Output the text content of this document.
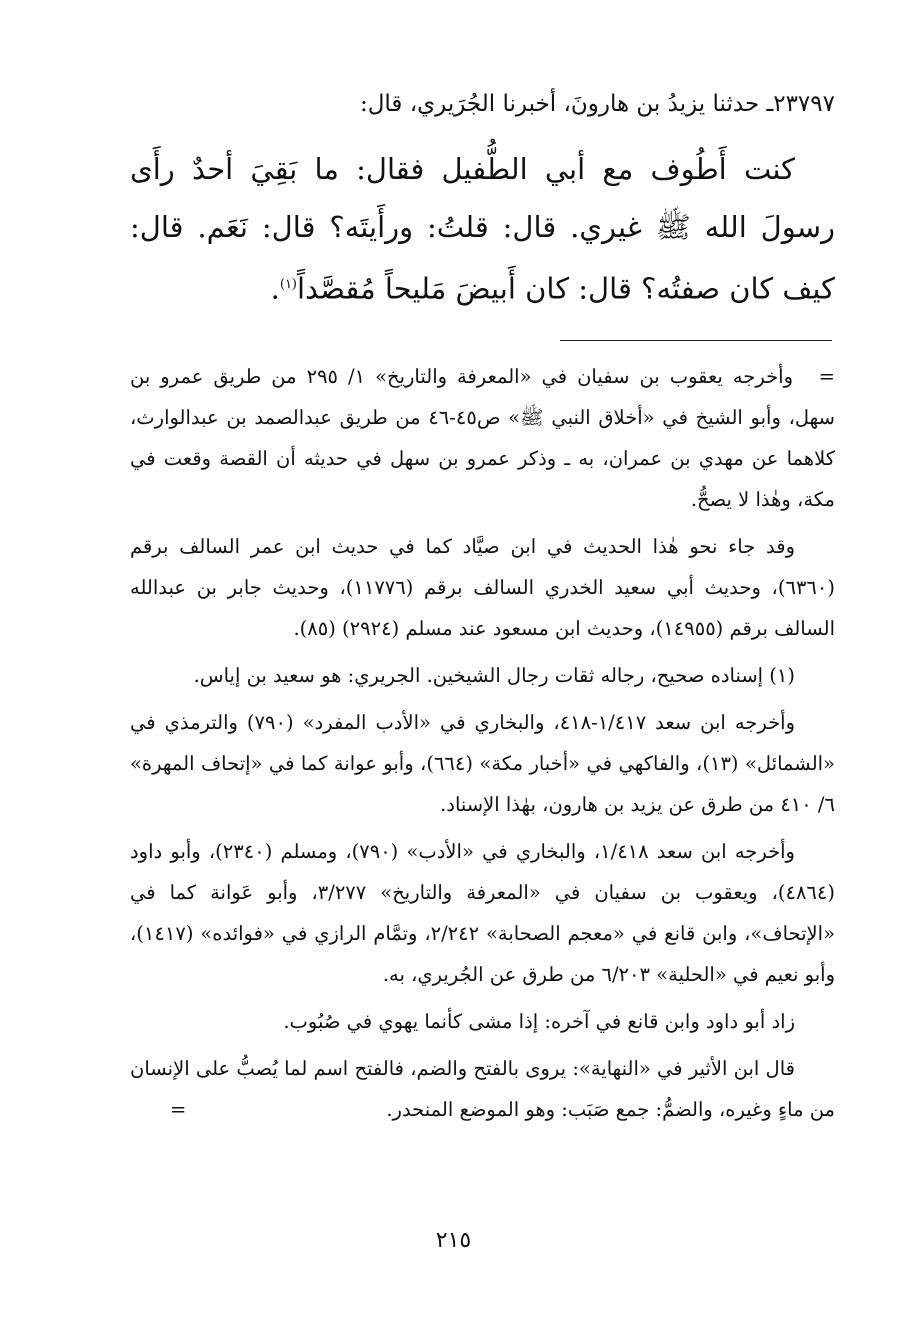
٢٣٧٩٧ـ حدثنا يزيدُ بن هارونَ، أخبرنا الجُرَيري، قال:
كنت أَطُوف مع أبي الطُّفيل فقال: ما بَقِيَ أحدٌ رأَى رسولَ الله ﷺ غيري. قال: قلتُ: ورأَيتَه؟ قال: نَعَم. قال: كيف كان صفتُه؟ قال: كان أَبيضَ مَليحاً مُقصَّداً$^{(١)}$.

=وأخرجه يعقوب بن سفيان في «المعرفة والتاريخ» ١/ ٢٩٥ من طريق عمرو بن سهل، وأبو الشيخ في «أخلاق النبي ﷺ» ص٤٥-٤٦ من طريق عبدالصمد بن عبدالوارث، كلاهما عن مهدي بن عمران، به ـ وذكر عمرو بن سهل في حديثه أن القصة وقعت في مكة، وهٰذا لا يصحُّ.

وقد جاء نحو هٰذا الحديث في ابن صيَّاد كما في حديث ابن عمر السالف برقم (٦٣٦٠)، وحديث أبي سعيد الخدري السالف برقم (١١٧٧٦)، وحديث جابر بن عبدالله السالف برقم (١٤٩٥٥)، وحديث ابن مسعود عند مسلم (٢٩٢٤) (٨٥).

(١) إسناده صحيح، رجاله ثقات رجال الشيخين. الجريري: هو سعيد بن إياس.

وأخرجه ابن سعد ١/٤١٧-٤١٨، والبخاري في «الأدب المفرد» (٧٩٠) والترمذي في «الشمائل» (١٣)، والفاكهي في «أخبار مكة» (٦٦٤)، وأبو عوانة كما في «إتحاف المهرة» ٦/ ٤١٠ من طرق عن يزيد بن هارون، بهٰذا الإسناد.

وأخرجه ابن سعد ١/٤١٨، والبخاري في «الأدب» (٧٩٠)، ومسلم (٢٣٤٠)، وأبو داود (٤٨٦٤)، ويعقوب بن سفيان في «المعرفة والتاريخ» ٣/٢٧٧، وأبو عَوانة كما في «الإتحاف»، وابن قانع في «معجم الصحابة» ٢/٢٤٢، وتمَّام الرازي في «فوائده» (١٤١٧)، وأبو نعيم في «الحلية» ٦/٢٠٣ من طرق عن الجُريري، به.

زاد أبو داود وابن قانع في آخره: إذا مشى كأنما يهوي في صُبُوب.

قال ابن الأثير في «النهاية»: يروى بالفتح والضم، فالفتح اسم لما يُصبُّ على الإنسان من ماءٍ وغيره، والضمُّ: جمع صَبَب: وهو الموضع المنحدر.
=

٢١٥
